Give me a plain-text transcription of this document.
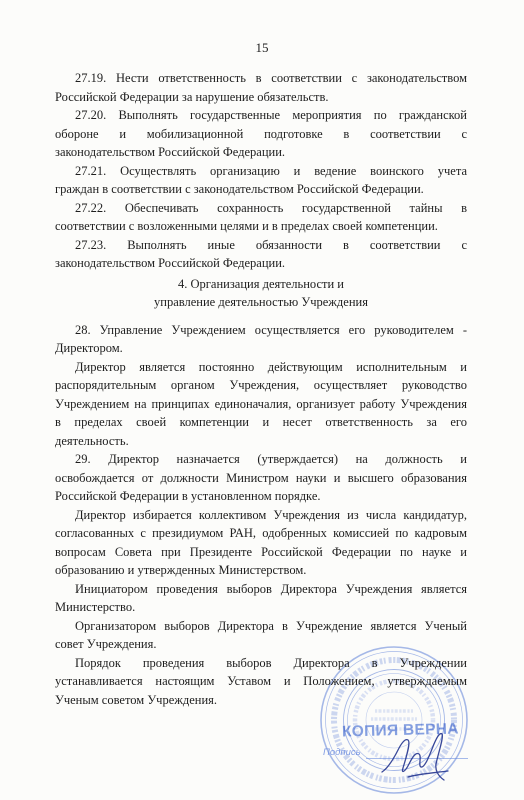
15
27.19. Нести ответственность в соответствии с законодательством
Российской Федерации за нарушение обязательств.
27.20. Выполнять государственные мероприятия по гражданской
обороне и мобилизационной подготовке в соответствии с
законодательством Российской Федерации.
27.21. Осуществлять организацию и ведение воинского учета
граждан в соответствии с законодательством Российской Федерации.
27.22. Обеспечивать сохранность государственной тайны в
соответствии с возложенными целями и в пределах своей компетенции.
27.23. Выполнять иные обязанности в соответствии с
законодательством Российской Федерации.
4. Организация деятельности и
управление деятельностью Учреждения
28. Управление Учреждением осуществляется его руководителем -
Директором.
Директор является постоянно действующим исполнительным и
распорядительным органом Учреждения, осуществляет руководство
Учреждением на принципах единоначалия, организует работу Учреждения
в пределах своей компетенции и несет ответственность за его
деятельность.
29. Директор назначается (утверждается) на должность и
освобождается от должности Министром науки и высшего образования
Российской Федерации в установленном порядке.
Директор избирается коллективом Учреждения из числа кандидатур,
согласованных с президиумом РАН, одобренных комиссией по кадровым
вопросам Совета при Президенте Российской Федерации по науке и
образованию и утвержденных Министерством.
Инициатором проведения выборов Директора Учреждения является
Министерство.
Организатором выборов Директора в Учреждение является Ученый
совет Учреждения.
Порядок проведения выборов Директора в Учреждении
устанавливается настоящим Уставом и Положением, утверждаемым
Ученым советом Учреждения.
КОПИЯ ВЕРНА
Подпись
